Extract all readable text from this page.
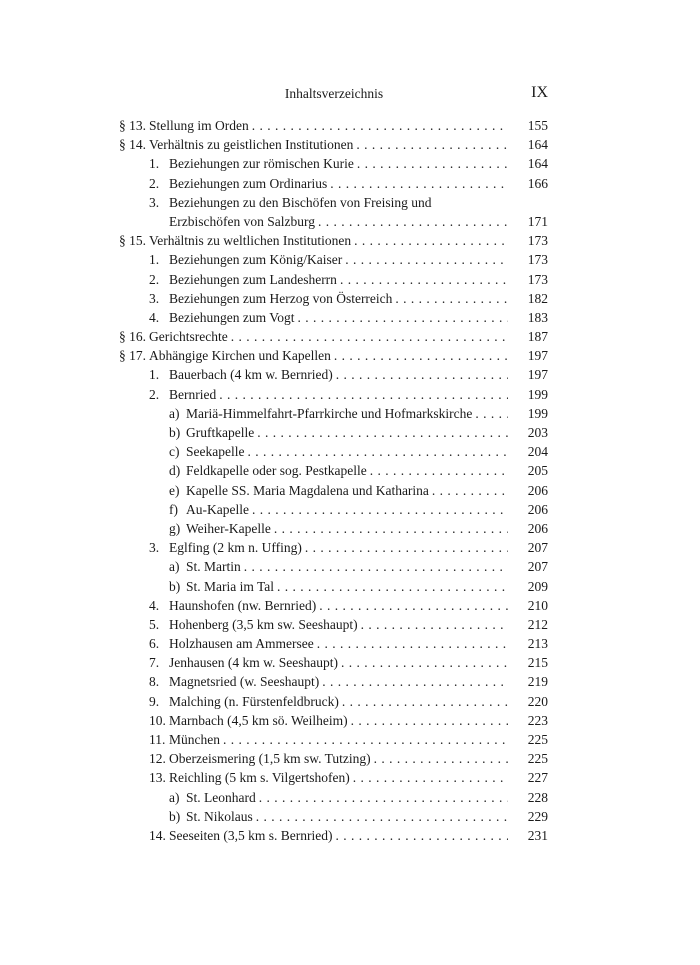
Inhaltsverzeichnis	IX
§ 13. Stellung im Orden . . .	155
§ 14. Verhältnis zu geistlichen Institutionen . . .	164
1. Beziehungen zur römischen Kurie . . .	164
2. Beziehungen zum Ordinarius . . .	166
3. Beziehungen zu den Bischöfen von Freising und
Erzbischöfen von Salzburg . . .	171
§ 15. Verhältnis zu weltlichen Institutionen . . .	173
1. Beziehungen zum König/Kaiser . . .	173
2. Beziehungen zum Landesherrn . . .	173
3. Beziehungen zum Herzog von Österreich . . .	182
4. Beziehungen zum Vogt . . .	183
§ 16. Gerichtsrechte . . .	187
§ 17. Abhängige Kirchen und Kapellen . . .	197
1. Bauerbach (4 km w. Bernried) . . .	197
2. Bernried . . .	199
a) Mariä-Himmelfahrt-Pfarrkirche und Hofmarkskirche . . .	199
b) Gruftkapelle . . .	203
c) Seekapelle . . .	204
d) Feldkapelle oder sog. Pestkapelle . . .	205
e) Kapelle SS. Maria Magdalena und Katharina . . .	206
f) Au-Kapelle . . .	206
g) Weiher-Kapelle . . .	206
3. Eglfing (2 km n. Uffing) . . .	207
a) St. Martin . . .	207
b) St. Maria im Tal . . .	209
4. Haunshofen (nw. Bernried) . . .	210
5. Hohenberg (3,5 km sw. Seeshaupt) . . .	212
6. Holzhausen am Ammersee . . .	213
7. Jenhausen (4 km w. Seeshaupt) . . .	215
8. Magnetsried (w. Seeshaupt) . . .	219
9. Malching (n. Fürstenfeldbruck) . . .	220
10. Marnbach (4,5 km sö. Weilheim) . . .	223
11. München . . .	225
12. Oberzeismering (1,5 km sw. Tutzing) . . .	225
13. Reichling (5 km s. Vilgertshofen) . . .	227
a) St. Leonhard . . .	228
b) St. Nikolaus . . .	229
14. Seeseiten (3,5 km s. Bernried) . . .	231
